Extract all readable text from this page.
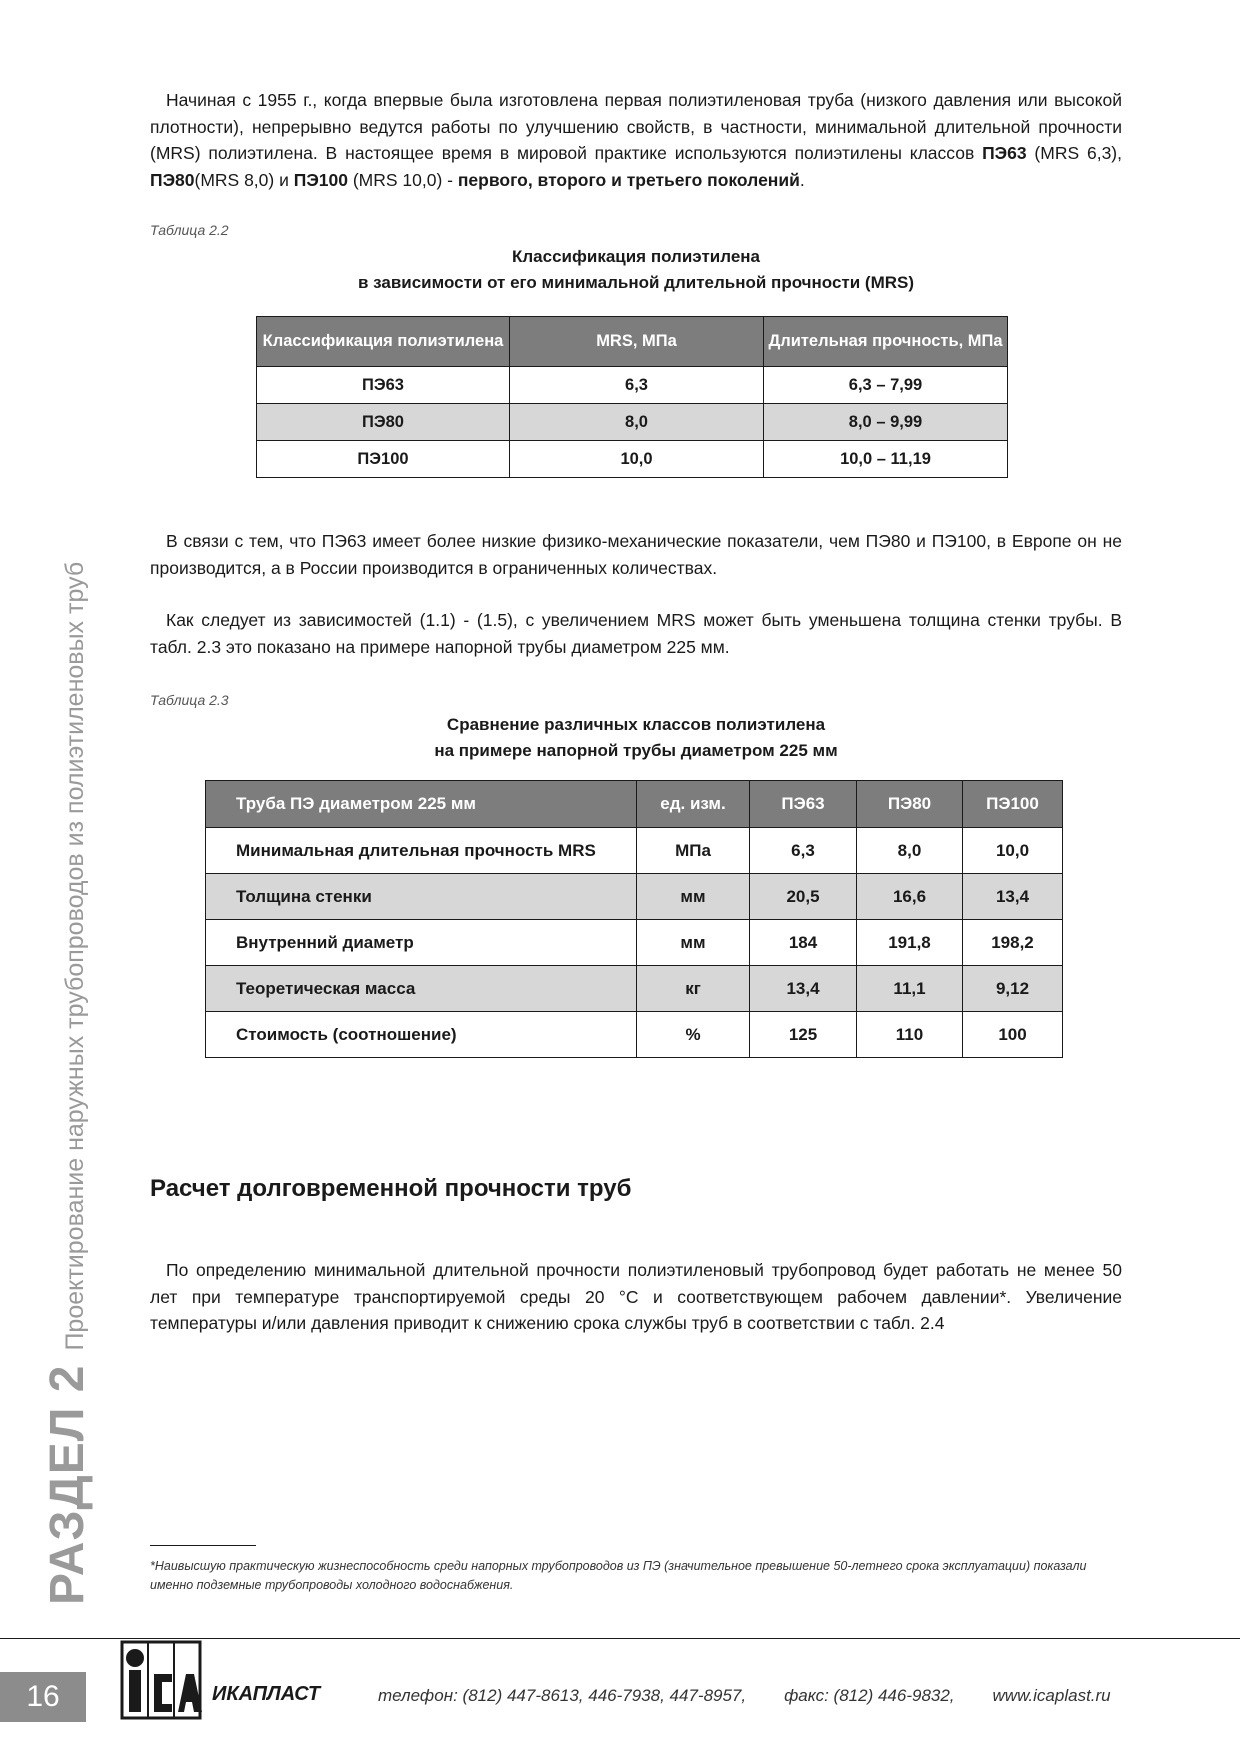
РАЗДЕЛ 2Проектирование наружных трубопроводов из полиэтиленовых труб

Начиная с 1955 г., когда впервые была изготовлена первая полиэтиленовая труба (низкого давления или высокой плотности), непрерывно ведутся работы по улучшению свойств, в частности, минимальной длительной прочности (MRS) полиэтилена. В настоящее время в мировой практике используются полиэтилены классов ПЭ63 (MRS 6,3), ПЭ80(MRS 8,0) и ПЭ100 (MRS 10,0) - первого, второго и третьего поколений.

Таблица 2.2
Классификация полиэтилена
в зависимости от его минимальной длительной прочности (MRS)
Классификация полиэтилена	MRS, МПа	Длительная прочность, МПа
ПЭ63	6,3	6,3 – 7,99
ПЭ80	8,0	8,0 – 9,99
ПЭ100	10,0	10,0 – 11,19

В связи с тем, что ПЭ63 имеет более низкие физико-механические показатели, чем ПЭ80 и ПЭ100, в Европе он не производится, а в России производится в ограниченных количествах.

Как следует из зависимостей (1.1) - (1.5), с увеличением MRS может быть уменьшена толщина стенки трубы. В табл. 2.3 это показано на примере напорной трубы диаметром 225 мм.

Таблица 2.3
Сравнение различных классов полиэтилена
на примере напорной трубы диаметром 225 мм
Труба ПЭ диаметром 225 мм	ед. изм.	ПЭ63	ПЭ80	ПЭ100
Минимальная длительная прочность MRS	МПа	6,3	8,0	10,0
Толщина стенки	мм	20,5	16,6	13,4
Внутренний диаметр	мм	184	191,8	198,2
Теоретическая масса	кг	13,4	11,1	9,12
Стоимость (соотношение)	%	125	110	100
Расчет долговременной прочности труб

По определению минимальной длительной прочности полиэтиленовый трубопровод будет работать не менее 50 лет при температуре транспортируемой среды 20 °С и соответствующем рабочем давлении*. Увеличение температуры и/или давления приводит к снижению срока службы труб в соответствии с табл. 2.4

*Наивысшую практическую жизнеспособность среди напорных трубопроводов из ПЭ (значительное превышение 50-летнего срока эксплуатации) показали именно подземные трубопроводы холодного водоснабжения.
16	ИКАПЛАСТ	телефон: (812) 447-8613, 446-7938, 447-8957, факс: (812) 446-9832, www.icaplast.ru
